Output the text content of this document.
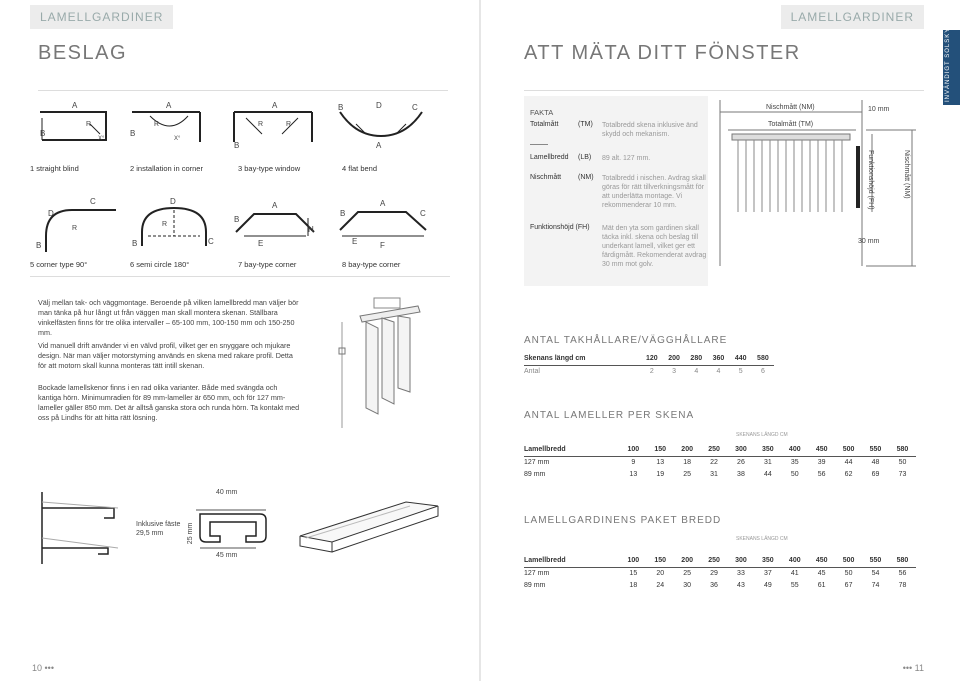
LAMELLGARDINER	LAMELLGARDINER
BESLAG	ATT MÄTA DITT FÖNSTER	INVÄNDIGT SOLSKYDD
A
B
R
X°
A
B
R
X°
A
B
R	R
B	D	C
A
1 straight blind	2 installation in corner	3 bay-type window	4 flat bend
D
C
R
B
D
B	C
R
B
A
H
E
B
A
C
E	F
5 corner type 90°	6 semi circle 180°	7 bay-type corner	8 bay-type corner
Välj mellan tak- och väggmontage. Beroende på vilken lamellbredd man väljer bör man tänka på hur långt ut från väggen man skall montera skenan. Ställbara vinkelfästen finns för tre olika intervaller – 65-100 mm, 100-150 mm och 150-250 mm.
Vid manuell drift använder vi en välvd profil, vilket ger en snyggare och mjukare design. När man väljer motorstyrning används en skena med rakare profil. Detta för att motorn skall kunna monteras tätt intill skenan.
Bockade lamellskenor finns i en rad olika varianter. Både med svängda och kantiga hörn. Minimumradien för 89 mm-lameller är 650 mm, och för 127 mm-lameller gäller 850 mm. Det är alltså ganska stora och runda hörn. Ta kontakt med oss på Lindhs för att hitta rätt lösning.
Inklusive fäste 29,5 mm
40 mm
45 mm
25 mm
10 •••	••• 11
FAKTA
Totalmått	(TM) Totalbredd skena inklusive änd skydd och mekanism.
Lamellbredd (LB) 89 alt. 127 mm.
Nischmått (NM) Totalbredd i nischen. Avdrag skall göras för rätt tillverkningsmått för att underlätta montage. Vi rekommenderar 10 mm.
Funktionshöjd (FH) Mät den yta som gardinen skall täcka inkl. skena och beslag till underkant lamell, vilket ger ett färdigmått. Rekomenderat avdrag 30 mm mot golv.
Nischmått (NM)
Totalmått (TM)
10 mm
30 mm
Funktionshöjd (FH)	Nischmått (NM)
ANTAL TAKHÅLLARE/VÄGGHÅLLARE
Skenans längd cm	120	200	280	360	440	580
Antal	2	3	4	4	5	6
ANTAL LAMELLER PER SKENA
SKENANS LÄNGD CM
Lamellbredd	100	150	200	250	300	350	400	450	500	550	580
127 mm	9	13	18	22	26	31	35	39	44	48	50
89 mm	13	19	25	31	38	44	50	56	62	69	73
LAMELLGARDINENS PAKET BREDD
SKENANS LÄNGD CM
Lamellbredd	100	150	200	250	300	350	400	450	500	550	580
127 mm	15	20	25	29	33	37	41	45	50	54	56
89 mm	18	24	30	36	43	49	55	61	67	74	78
